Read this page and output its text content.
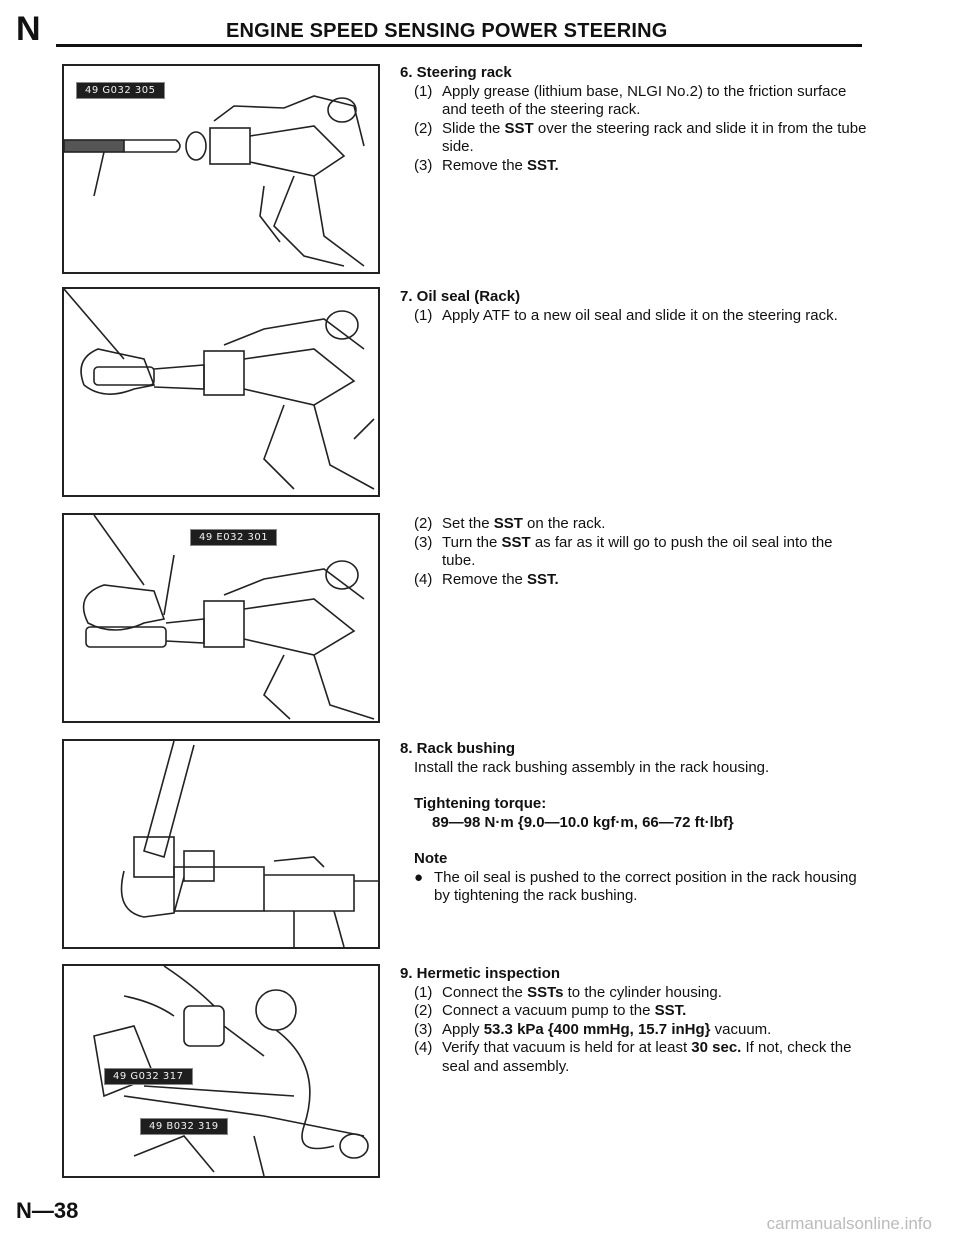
N	ENGINE SPEED SENSING POWER STEERING
49 G032 305
49 E032 301
49 G032 317
49 B032 319
6. Steering rack
(1) Apply grease (lithium base, NLGI No.2) to the friction surface and teeth of the steering rack.
(2) Slide the SST over the steering rack and slide it in from the tube side.
(3) Remove the SST.
7. Oil seal (Rack)
(1) Apply ATF to a new oil seal and slide it on the steering rack.
(2) Set the SST on the rack.
(3) Turn the SST as far as it will go to push the oil seal into the tube.
(4) Remove the SST.
8. Rack bushing
Install the rack bushing assembly in the rack housing.
Tightening torque:
89—98 N·m {9.0—10.0 kgf·m, 66—72 ft·lbf}
Note
● The oil seal is pushed to the correct position in the rack housing by tightening the rack bushing.
9. Hermetic inspection
(1) Connect the SSTs to the cylinder housing.
(2) Connect a vacuum pump to the SST.
(3) Apply 53.3 kPa {400 mmHg, 15.7 inHg} vacuum.
(4) Verify that vacuum is held for at least 30 sec. If not, check the seal and assembly.
N—38
carmanualsonline.info
